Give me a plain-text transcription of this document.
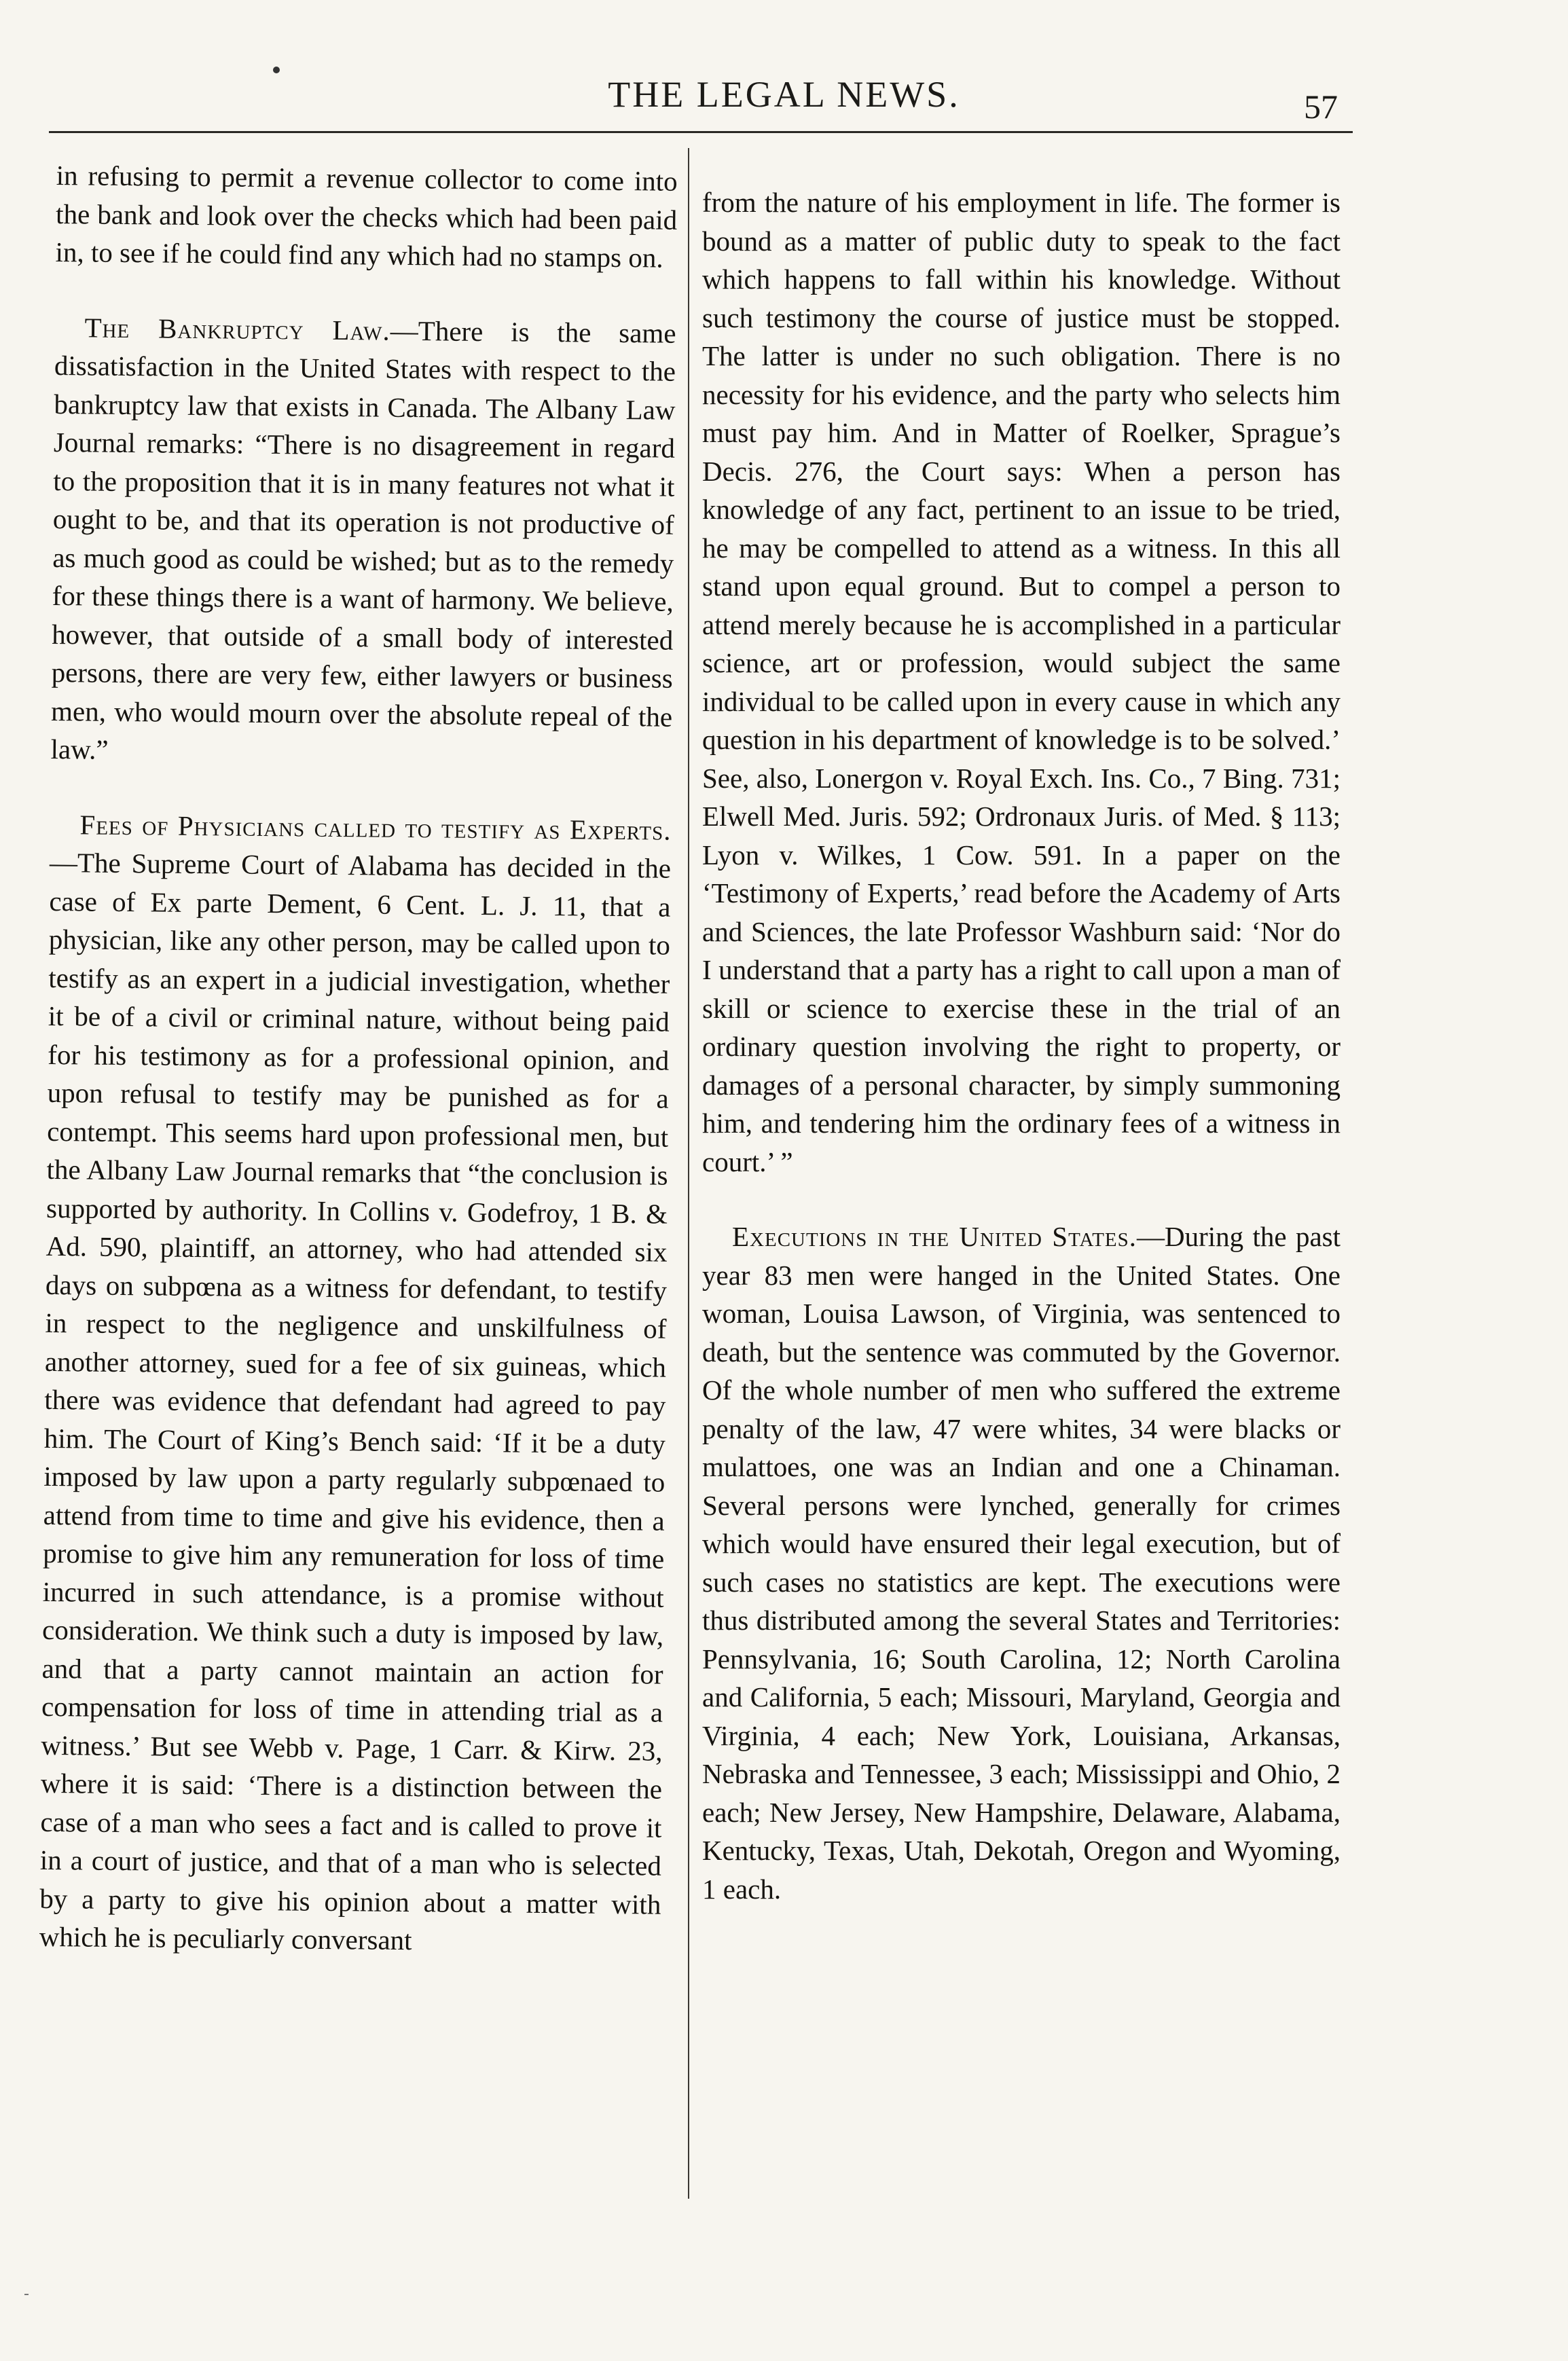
THE LEGAL NEWS.	57

in refusing to permit a revenue collector to come into the bank and look over the checks which had been paid in, to see if he could find any which had no stamps on.

The Bankruptcy Law.—There is the same dissatisfaction in the United States with respect to the bankruptcy law that exists in Canada. The Albany Law Journal remarks: “There is no disagreement in regard to the proposition that it is in many features not what it ought to be, and that its operation is not productive of as much good as could be wished; but as to the remedy for these things there is a want of harmony. We believe, however, that outside of a small body of interested persons, there are very few, either lawyers or business men, who would mourn over the absolute repeal of the law.”

Fees of Physicians called to testify as Experts.—The Supreme Court of Alabama has decided in the case of Ex parte Dement, 6 Cent. L. J. 11, that a physician, like any other person, may be called upon to testify as an expert in a judicial investigation, whether it be of a civil or criminal nature, without being paid for his testimony as for a professional opinion, and upon refusal to testify may be punished as for a contempt. This seems hard upon professional men, but the Albany Law Journal remarks that “the conclusion is supported by authority. In Collins v. Godefroy, 1 B. & Ad. 590, plaintiff, an attorney, who had attended six days on subpœna as a witness for defendant, to testify in respect to the negligence and unskilfulness of another attorney, sued for a fee of six guineas, which there was evidence that defendant had agreed to pay him. The Court of King’s Bench said: ‘If it be a duty imposed by law upon a party regularly subpœnaed to attend from time to time and give his evidence, then a promise to give him any remuneration for loss of time incurred in such attendance, is a promise without consideration. We think such a duty is imposed by law, and that a party cannot maintain an action for compensation for loss of time in attending trial as a witness.’ But see Webb v. Page, 1 Carr. & Kirw. 23, where it is said: ‘There is a distinction between the case of a man who sees a fact and is called to prove it in a court of justice, and that of a man who is selected by a party to give his opinion about a matter with which he is peculiarly conversant

from the nature of his employment in life. The former is bound as a matter of public duty to speak to the fact which happens to fall within his knowledge. Without such testimony the course of justice must be stopped. The latter is under no such obligation. There is no necessity for his evidence, and the party who selects him must pay him. And in Matter of Roelker, Sprague’s Decis. 276, the Court says: When a person has knowledge of any fact, pertinent to an issue to be tried, he may be compelled to attend as a witness. In this all stand upon equal ground. But to compel a person to attend merely because he is accomplished in a particular science, art or profession, would subject the same individual to be called upon in every cause in which any question in his department of knowledge is to be solved.’ See, also, Lonergon v. Royal Exch. Ins. Co., 7 Bing. 731; Elwell Med. Juris. 592; Ordronaux Juris. of Med. § 113; Lyon v. Wilkes, 1 Cow. 591. In a paper on the ‘Testimony of Experts,’ read before the Academy of Arts and Sciences, the late Professor Washburn said: ‘Nor do I understand that a party has a right to call upon a man of skill or science to exercise these in the trial of an ordinary question involving the right to property, or damages of a personal character, by simply summoning him, and tendering him the ordinary fees of a witness in court.’ ”

Executions in the United States.—During the past year 83 men were hanged in the United States. One woman, Louisa Lawson, of Virginia, was sentenced to death, but the sentence was commuted by the Governor. Of the whole number of men who suffered the extreme penalty of the law, 47 were whites, 34 were blacks or mulattoes, one was an Indian and one a Chinaman. Several persons were lynched, generally for crimes which would have ensured their legal execution, but of such cases no statistics are kept. The executions were thus distributed among the several States and Territories: Pennsylvania, 16; South Carolina, 12; North Carolina and California, 5 each; Missouri, Maryland, Georgia and Virginia, 4 each; New York, Louisiana, Arkansas, Nebraska and Tennessee, 3 each; Mississippi and Ohio, 2 each; New Jersey, New Hampshire, Delaware, Alabama, Kentucky, Texas, Utah, Dekotah, Oregon and Wyoming, 1 each.
